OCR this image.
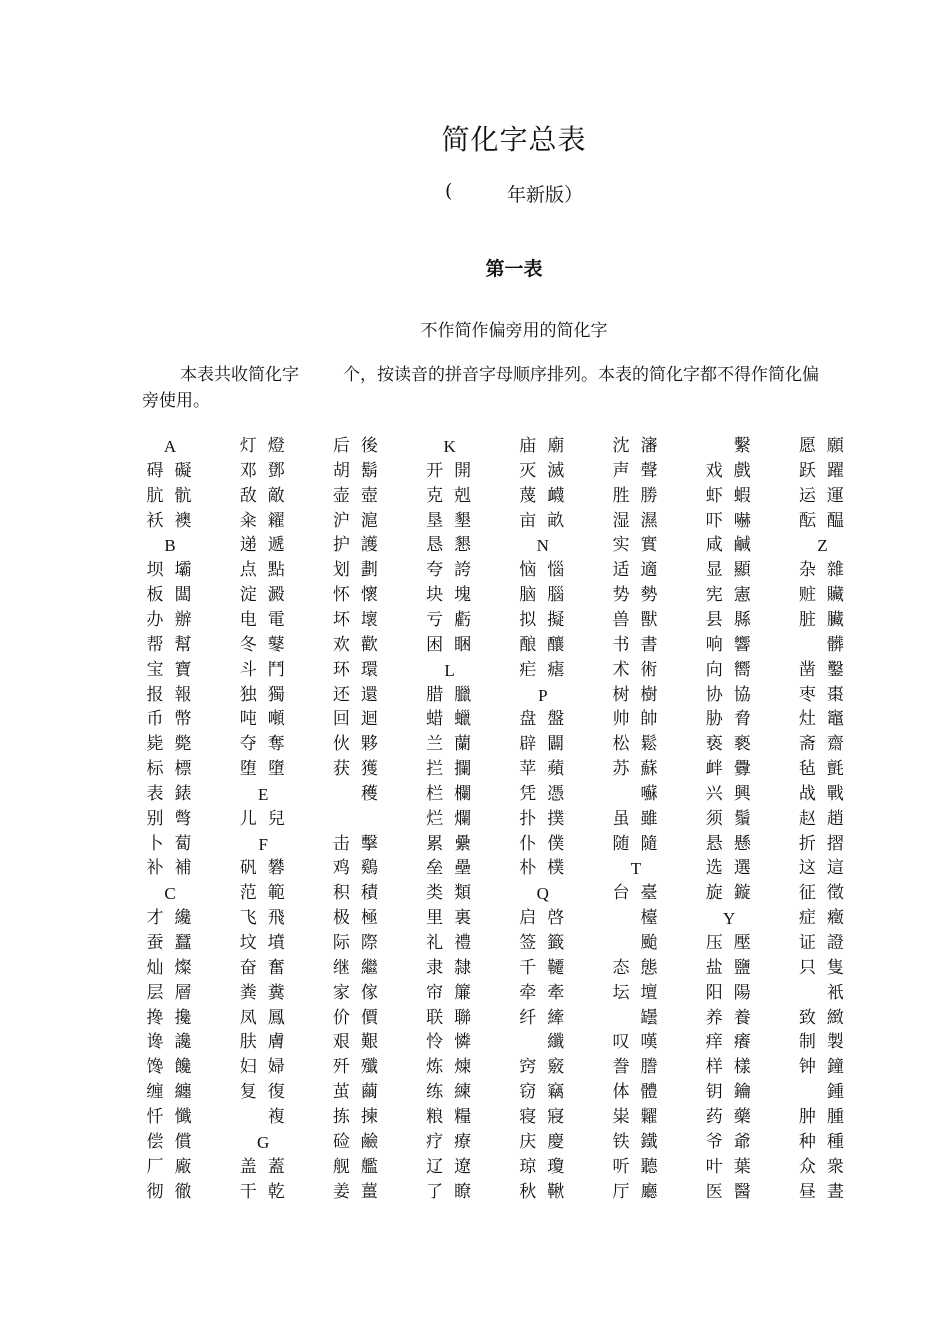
简化字总表
(	年新版）
第一表
不作简作偏旁用的简化字
本表共收简化字	个，按读音的拼音字母顺序排列。本表的简化字都不得作简化偏
旁使用。
A
碍 礙
肮 骯
袄 襖
B
坝 壩
板 闆
办 辦
帮 幫
宝 寶
报 報
币 幣
毙 斃
标 標
表 錶
别 彆
卜 蔔
补 補
C
才 纔
蚕 蠶
灿 燦
层 層
搀 攙
谗 讒
馋 饞
缠 纏
忏 懺
偿 償
厂 廠
彻 徹
灯 燈
邓 鄧
敌 敵
籴 糴
递 遞
点 點
淀 澱
电 電
冬 鼕
斗 鬥
独 獨
吨 噸
夺 奪
堕 墮
E
儿 兒
F
矾 礬
范 範
飞 飛
坟 墳
奋 奮
粪 糞
凤 鳳
肤 膚
妇 婦
复 復
複
G
盖 蓋
干 乾
后 後
胡 鬍
壶 壺
沪 滬
护 護
划 劃
怀 懷
坏 壞
欢 歡
环 環
还 還
回 迴
伙 夥
获 獲
穫
击 擊
鸡 鷄
积 積
极 極
际 際
继 繼
家 傢
价 價
艰 艱
歼 殲
茧 繭
拣 揀
硷 鹼
舰 艦
姜 薑
K
开 開
克 剋
垦 墾
恳 懇
夸 誇
块 塊
亏 虧
困 睏
L
腊 臘
蜡 蠟
兰 蘭
拦 攔
栏 欄
烂 爛
累 纍
垒 壘
类 類
里 裏
礼 禮
隶 隸
帘 簾
联 聯
怜 憐
炼 煉
练 練
粮 糧
疗 療
辽 遼
了 瞭
庙 廟
灭 滅
蔑 衊
亩 畝
N
恼 惱
脑 腦
拟 擬
酿 釀
疟 瘧
P
盘 盤
辟 闢
苹 蘋
凭 憑
扑 撲
仆 僕
朴 樸
Q
启 啓
签 籤
千 韆
牵 牽
纤 縴
纖
窍 竅
窃 竊
寝 寢
庆 慶
琼 瓊
秋 鞦
沈 瀋
声 聲
胜 勝
湿 濕
实 實
适 適
势 勢
兽 獸
书 書
术 術
树 樹
帅 帥
松 鬆
苏 蘇
囌
虽 雖
随 隨
T
台 臺
檯
颱
态 態
坛 壇
罎
叹 嘆
誊 謄
体 體
粜 糶
铁 鐵
听 聽
厅 廳
繫
戏 戲
虾 蝦
吓 嚇
咸 鹹
显 顯
宪 憲
县 縣
响 響
向 嚮
协 協
胁 脅
亵 褻
衅 釁
兴 興
须 鬚
悬 懸
选 選
旋 鏇
Y
压 壓
盐 鹽
阳 陽
养 養
痒 癢
样 樣
钥 鑰
药 藥
爷 爺
叶 葉
医 醫
愿 願
跃 躍
运 運
酝 醖
Z
杂 雜
赃 贜
脏 臟
髒
凿 鑿
枣 棗
灶 竈
斋 齋
毡 氈
战 戰
赵 趙
折 摺
这 這
征 徵
症 癥
证 證
只 隻
衹
致 緻
制 製
钟 鐘
鍾
肿 腫
种 種
众 衆
昼 晝
